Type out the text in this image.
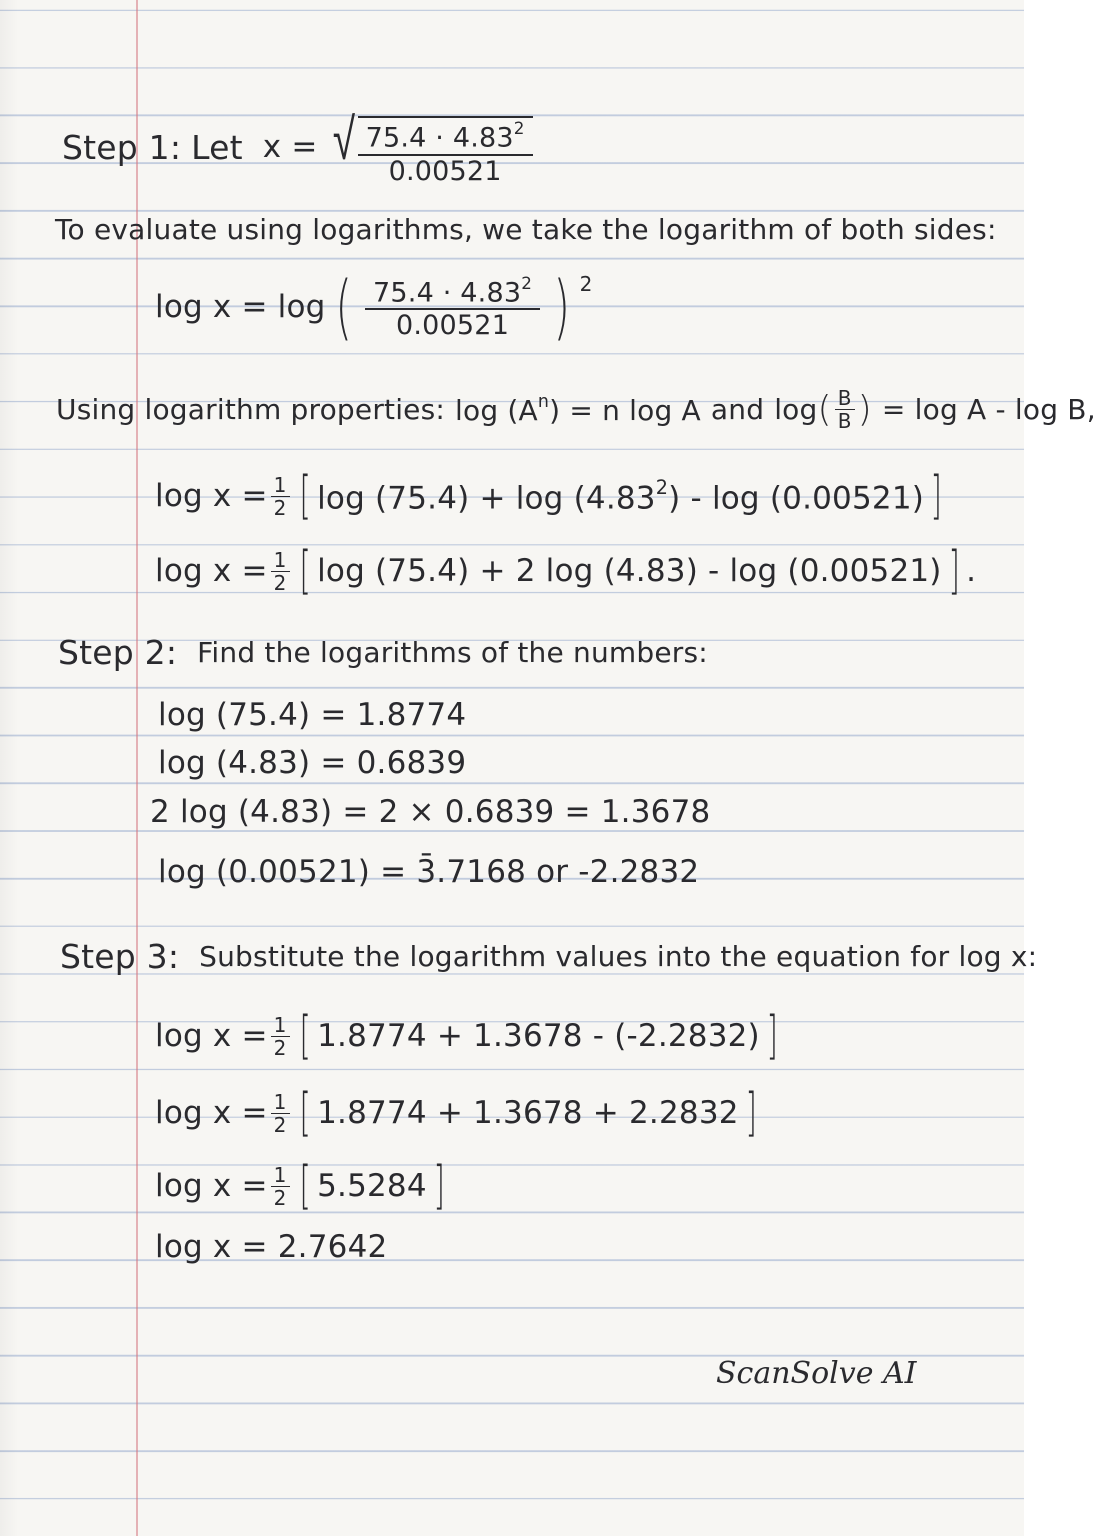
Step 1: Let x = √ $\frac{75.4 \cdot 4.83^2}{0.00521}$
To evaluate using logarithms, we take the logarithm of both sides:
log x = log ( $\frac{75.4 \cdot 4.83^2}{0.00521}$ ) 2
Using logarithm properties: $\log (A^n) = n$ log A and log ( $\frac{B}{B}$ ) = log A - log B,
$\log x = \frac{1}{2}$ [ log (75.4) + log (4.83$^2$) - log (0.00521) ]
$\log x = \frac{1}{2}$ [ log (75.4) + 2 log (4.83) - log (0.00521) ] .
Step 2: Find the logarithms of the numbers:
log (75.4) = 1.8774
log (4.83) = 0.6839
2 log (4.83) = 2 × 0.6839 = 1.3678
log (0.00521) = 3̄.7168 or -2.2832
Step 3: Substitute the logarithm values into the equation for log x:
$\log x = \frac{1}{2}$ [ 1.8774 + 1.3678 - (-2.2832) ]
$\log x = \frac{1}{2}$ [ 1.8774 + 1.3678 + 2.2832 ]
$\log x = \frac{1}{2}$ [ 5.5284 ]
log x = 2.7642
ScanSolve AI
